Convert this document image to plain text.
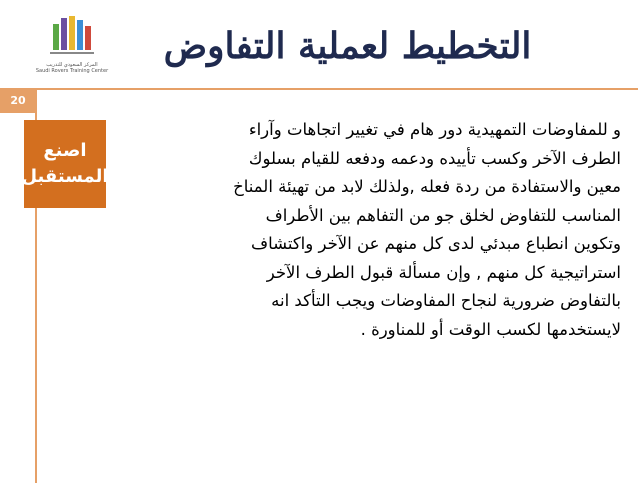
المركز السعودي للتدريب
Saudi Rovers Training Center
التخطيط لعملية التفاوض
20
اصنع
المستقبل

و للمفاوضات التمهيدية دور هام في تغيير اتجاهات وآراء
الطرف الآخر وكسب تأييده ودعمه ودفعه للقيام بسلوك
معين والاستفادة من ردة فعله ,ولذلك لابد من تهيئة المناخ
المناسب للتفاوض لخلق جو من التفاهم بين الأطراف
وتكوين انطباع مبدئي لدى كل منهم عن الآخر واكتشاف
استراتيجية كل منهم , وإن مسألة قبول الطرف الآخر
بالتفاوض ضرورية لنجاح المفاوضات ويجب التأكد انه
لايستخدمها لكسب الوقت أو للمناورة .
